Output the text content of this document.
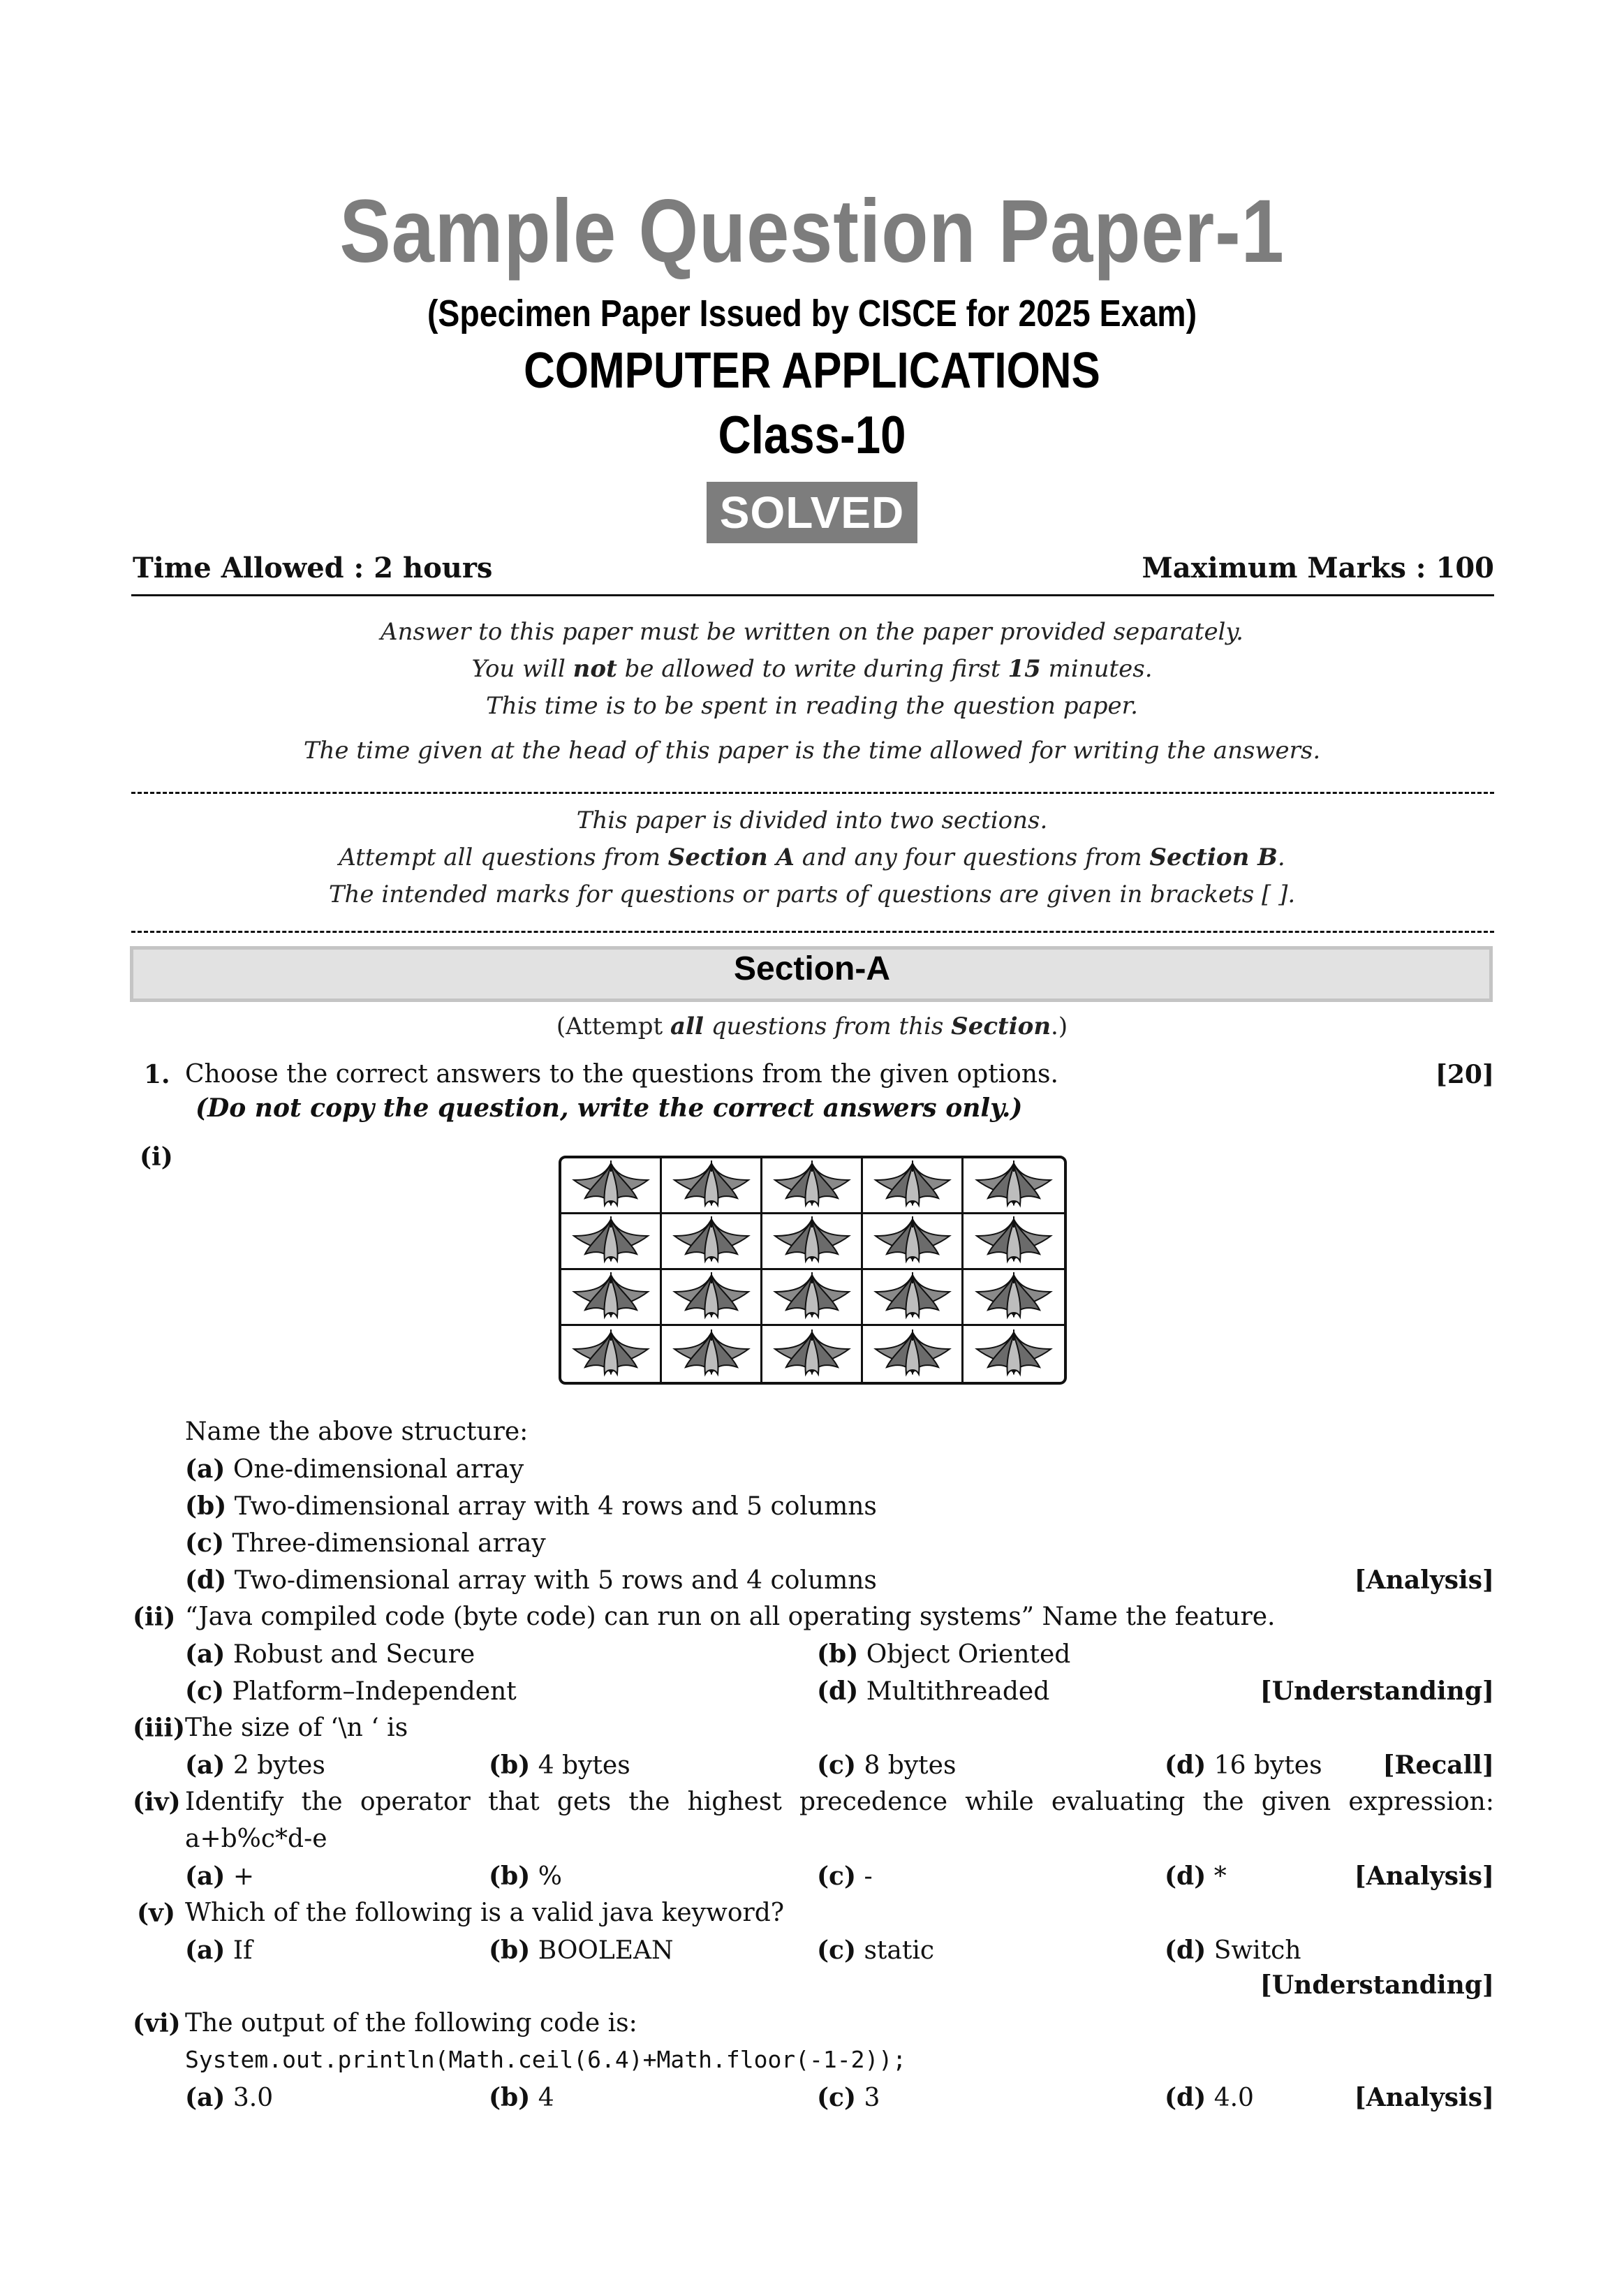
Sample Question Paper-1
(Specimen Paper Issued by CISCE for 2025 Exam)
COMPUTER APPLICATIONS
Class-10
SOLVED
Time Allowed : 2 hours	Maximum Marks : 100
Answer to this paper must be written on the paper provided separately.
You will not be allowed to write during first 15 minutes.
This time is to be spent in reading the question paper.
The time given at the head of this paper is the time allowed for writing the answers.
This paper is divided into two sections.
Attempt all questions from Section A and any four questions from Section B.
The intended marks for questions or parts of questions are given in brackets [ ].
Section-A
(Attempt all questions from this Section.)
1. Choose the correct answers to the questions from the given options.	[20]
(Do not copy the question, write the correct answers only.)
(i)
Name the above structure:
(a) One-dimensional array
(b) Two-dimensional array with 4 rows and 5 columns
(c) Three-dimensional array
(d) Two-dimensional array with 5 rows and 4 columns	[Analysis]
(ii) “Java compiled code (byte code) can run on all operating systems” Name the feature.
(a) Robust and Secure	(b) Object Oriented
(c) Platform–Independent	(d) Multithreaded	[Understanding]
(iii) The size of ‘\n ‘ is
(a) 2 bytes	(b) 4 bytes	(c) 8 bytes	(d) 16 bytes [Recall]
(iv) Identify the operator that gets the highest precedence while evaluating the given expression:
a+b%c*d-e
(a) +	(b) %	(c) -	(d) *	[Analysis]
(v) Which of the following is a valid java keyword?
(a) If	(b) BOOLEAN	(c) static	(d) Switch
[Understanding]
(vi) The output of the following code is:
System.out.println(Math.ceil(6.4)+Math.floor(-1-2));
(a) 3.0	(b) 4	(c) 3	(d) 4.0	[Analysis]
